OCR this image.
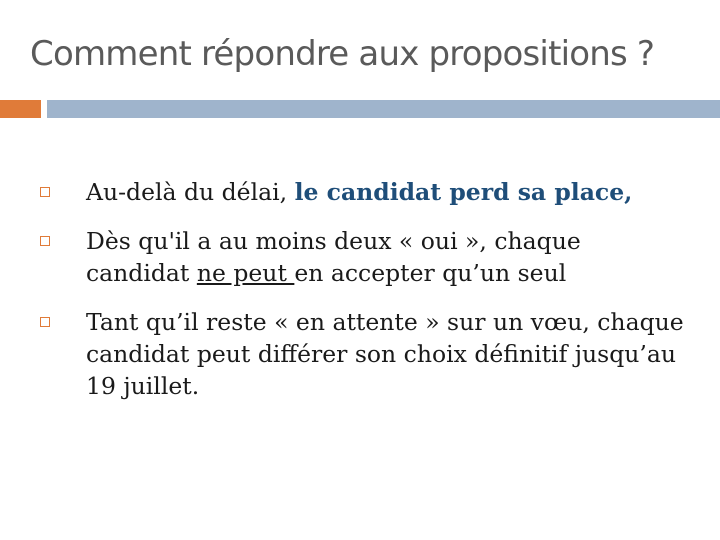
Comment répondre aux propositions ?
Au-delà du délai, le candidat perd sa place,
Dès qu'il a au moins deux « oui », chaque
candidat ne peut en accepter qu’un seul
Tant qu’il reste « en attente » sur un vœu, chaque candidat peut différer son choix définitif jusqu’au 19 juillet.
